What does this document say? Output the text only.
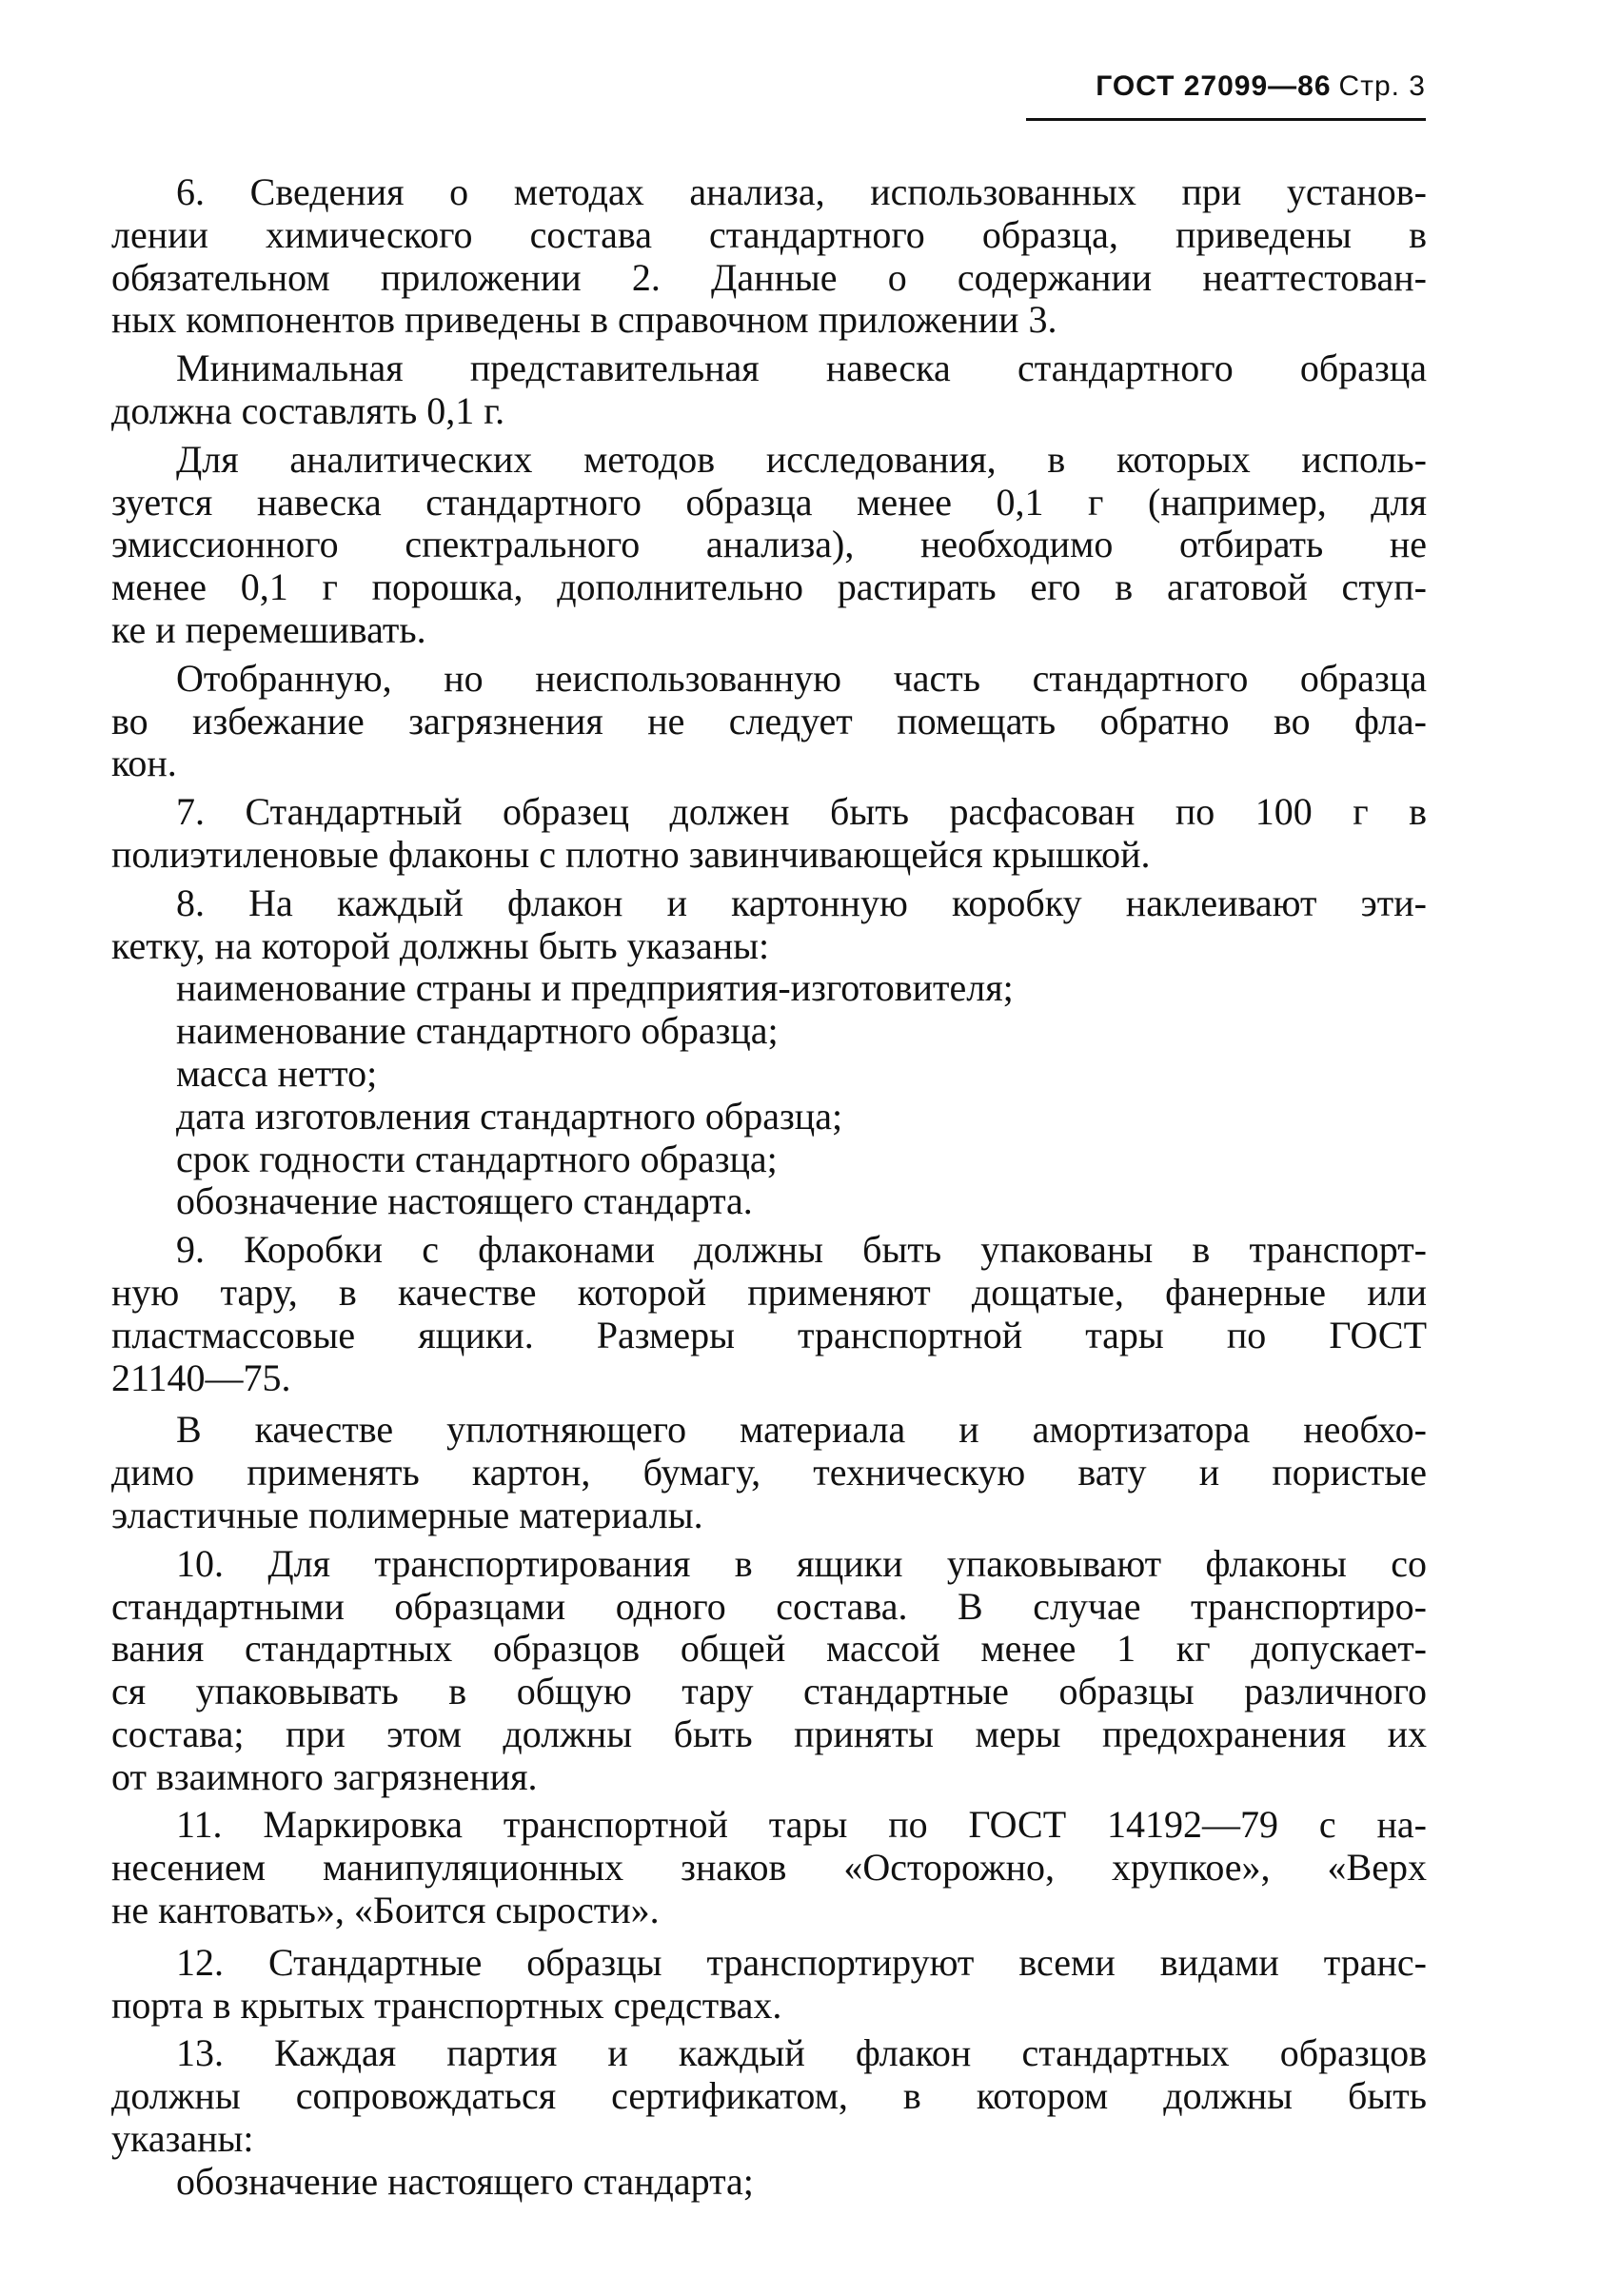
ГОСТ 27099—86 Стр. 3
6. Сведения о методах анализа, использованных при установ-
лении химического состава стандартного образца, приведены в
обязательном приложении 2. Данные о содержании неаттестован-
ных компонентов приведены в справочном приложении 3.
Минимальная представительная навеска стандартного образца
должна составлять 0,1 г.
Для аналитических методов исследования, в которых исполь-
зуется навеска стандартного образца менее 0,1 г (например, для
эмиссионного спектрального анализа), необходимо отбирать не
менее 0,1 г порошка, дополнительно растирать его в агатовой ступ-
ке и перемешивать.
Отобранную, но неиспользованную часть стандартного образца
во избежание загрязнения не следует помещать обратно во фла-
кон.
7. Стандартный образец должен быть расфасован по 100 г в
полиэтиленовые флаконы с плотно завинчивающейся крышкой.
8. На каждый флакон и картонную коробку наклеивают эти-
кетку, на которой должны быть указаны:
наименование страны и предприятия-изготовителя;
наименование стандартного образца;
масса нетто;
дата изготовления стандартного образца;
срок годности стандартного образца;
обозначение настоящего стандарта.
9. Коробки с флаконами должны быть упакованы в транспорт-
ную тару, в качестве которой применяют дощатые, фанерные или
пластмассовые ящики. Размеры транспортной тары по ГОСТ
21140—75.
В качестве уплотняющего материала и амортизатора необхо-
димо применять картон, бумагу, техническую вату и пористые
эластичные полимерные материалы.
10. Для транспортирования в ящики упаковывают флаконы со
стандартными образцами одного состава. В случае транспортиро-
вания стандартных образцов общей массой менее 1 кг допускает-
ся упаковывать в общую тару стандартные образцы различного
состава; при этом должны быть приняты меры предохранения их
от взаимного загрязнения.
11. Маркировка транспортной тары по ГОСТ 14192—79 с на-
несением манипуляционных знаков «Осторожно, хрупкое», «Верх
не кантовать», «Боится сырости».
12. Стандартные образцы транспортируют всеми видами транс-
порта в крытых транспортных средствах.
13. Каждая партия и каждый флакон стандартных образцов
должны сопровождаться сертификатом, в котором должны быть
указаны:
обозначение настоящего стандарта;
